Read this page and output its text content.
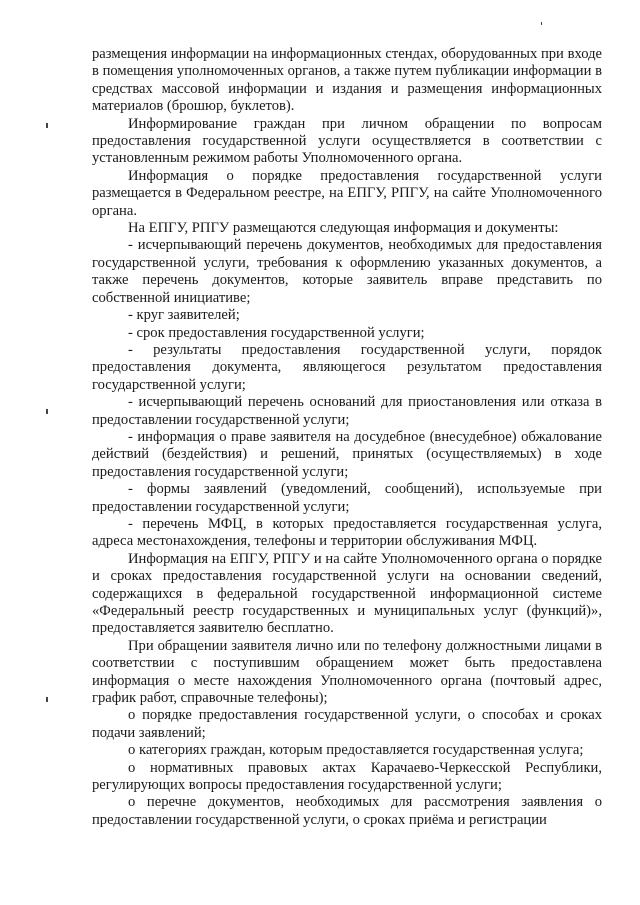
размещения информации на информационных стендах, оборудованных при входе в помещения уполномоченных органов, а также путем публикации информации в средствах массовой информации и издания и размещения информационных материалов (брошюр, буклетов).

Информирование граждан при личном обращении по вопросам предоставления государственной услуги осуществляется в соответствии с установленным режимом работы Уполномоченного органа.

Информация о порядке предоставления государственной услуги размещается в Федеральном реестре, на ЕПГУ, РПГУ, на сайте Уполномоченного органа.

На ЕПГУ, РПГУ размещаются следующая информация и документы:

- исчерпывающий перечень документов, необходимых для предоставления государственной услуги, требования к оформлению указанных документов, а также перечень документов, которые заявитель вправе представить по собственной инициативе;

- круг заявителей;

- срок предоставления государственной услуги;

- результаты предоставления государственной услуги, порядок предоставления документа, являющегося результатом предоставления государственной услуги;

- исчерпывающий перечень оснований для приостановления или отказа в предоставлении государственной услуги;

- информация о праве заявителя на досудебное (внесудебное) обжалование действий (бездействия) и решений, принятых (осуществляемых) в ходе предоставления государственной услуги;

- формы заявлений (уведомлений, сообщений), используемые при предоставлении государственной услуги;

- перечень МФЦ, в которых предоставляется государственная услуга, адреса местонахождения, телефоны и территории обслуживания МФЦ.

Информация на ЕПГУ, РПГУ и на сайте Уполномоченного органа о порядке и сроках предоставления государственной услуги на основании сведений, содержащихся в федеральной государственной информационной системе «Федеральный реестр государственных и муниципальных услуг (функций)», предоставляется заявителю бесплатно.

При обращении заявителя лично или по телефону должностными лицами в соответствии с поступившим обращением может быть предоставлена информация о месте нахождения Уполномоченного органа (почтовый адрес, график работ, справочные телефоны);

о порядке предоставления государственной услуги, о способах и сроках подачи заявлений;

о категориях граждан, которым предоставляется государственная услуга;

о нормативных правовых актах Карачаево-Черкесской Республики, регулирующих вопросы предоставления государственной услуги;

о перечне документов, необходимых для рассмотрения заявления о предоставлении государственной услуги, о сроках приёма и регистрации
